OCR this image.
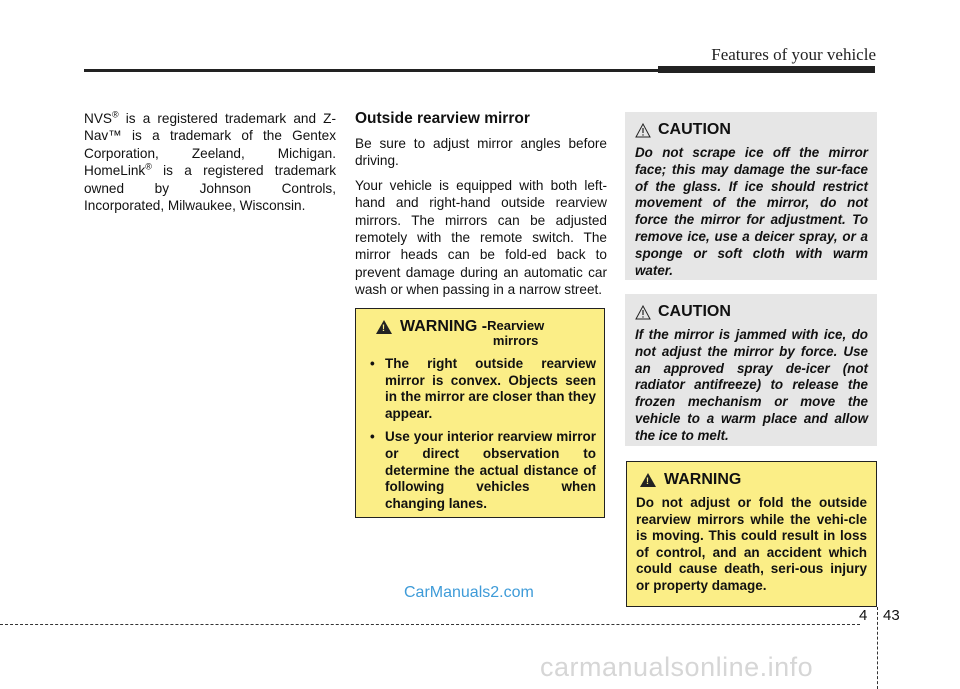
Features of your vehicle

NVS® is a registered trademark and Z-Nav™ is a trademark of the Gentex Corporation, Zeeland, Michigan. HomeLink® is a registered trademark owned by Johnson Controls, Incorporated, Milwaukee, Wisconsin.

Outside rearview mirror

Be sure to adjust mirror angles before driving.

Your vehicle is equipped with both left-hand and right-hand outside rearview mirrors. The mirrors can be adjusted remotely with the remote switch. The mirror heads can be fold-ed back to prevent damage during an automatic car wash or when passing in a narrow street.

!
WARNING - Rearview
mirrors
• The right outside rearview mirror is convex. Objects seen in the mirror are closer than they appear.
• Use your interior rearview mirror or direct observation to determine the actual distance of following vehicles when changing lanes.
CAUTION

Do not scrape ice off the mirror face; this may damage the sur-face of the glass. If ice should restrict movement of the mirror, do not force the mirror for adjustment. To remove ice, use a deicer spray, or a sponge or soft cloth with warm water.

CAUTION

If the mirror is jammed with ice, do not adjust the mirror by force. Use an approved spray de-icer (not radiator antifreeze) to release the frozen mechanism or move the vehicle to a warm place and allow the ice to melt.

!
WARNING

Do not adjust or fold the outside rearview mirrors while the vehi-cle is moving. This could result in loss of control, and an accident which could cause death, seri-ous injury or property damage.

CarManuals2.com
4 43
carmanualsonline.info
